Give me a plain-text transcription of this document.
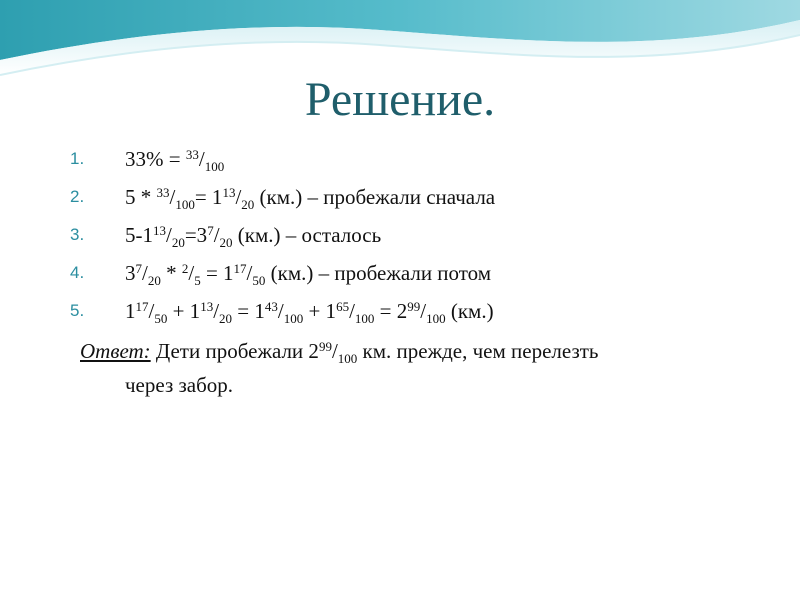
Решение.
1. $33\% = ^{33}/_{100}$
2. $5 * ^{33}/_{100}= 1^{13}/_{20}$ (км.) – пробежали сначала
3. $5-1^{13}/_{20}=3^7/_{20}$ (км.) – осталось
4. $3^7/_{20} * ^2/_5 = 1^{17}/_{50}$ (км.) – пробежали потом
5. $1^{17}/_{50} + 1^{13}/_{20} = 1^{43}/_{100} + 1^{65}/_{100} = 2^{99}/_{100}$ (км.)
Ответ: Дети пробежали $2^{99}/_{100}$ км. прежде, чем перелезть
через забор.
